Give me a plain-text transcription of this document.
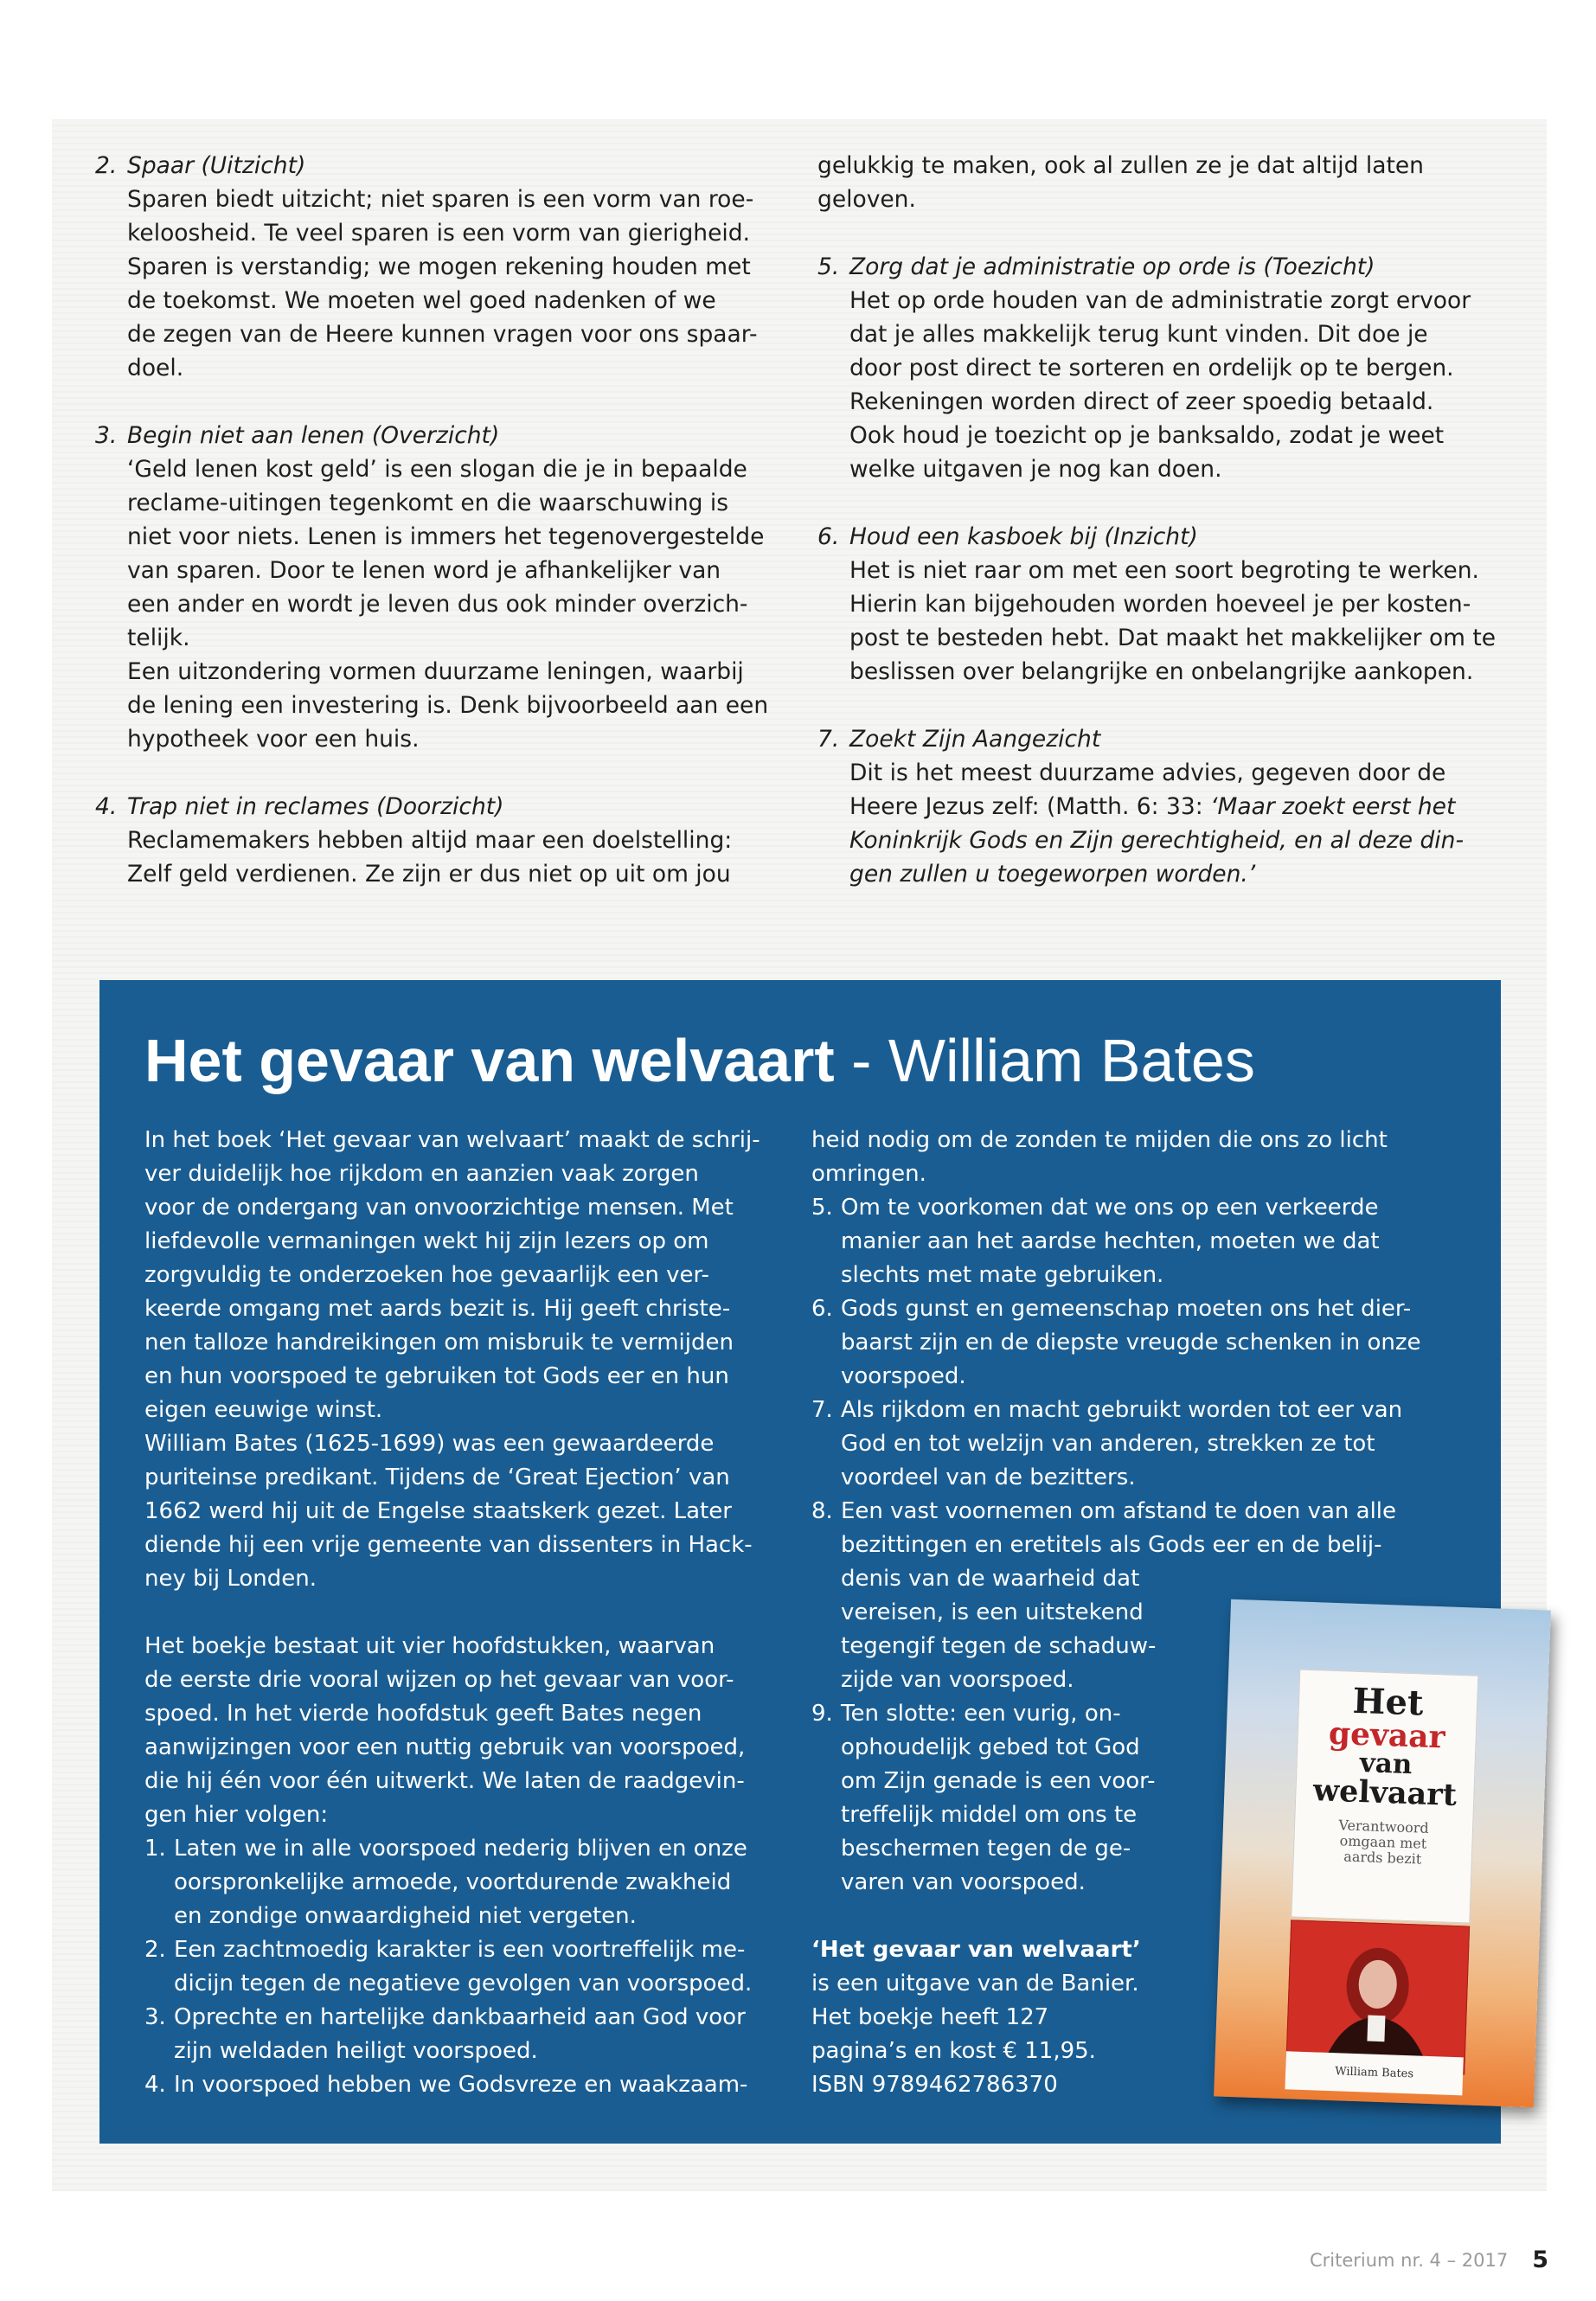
2. Spaar (Uitzicht)

Sparen biedt uitzicht; niet sparen is een vorm van roe-

keloosheid. Te veel sparen is een vorm van gierigheid.

Sparen is verstandig; we mogen rekening houden met

de toekomst. We moeten wel goed nadenken of we

de zegen van de Heere kunnen vragen voor ons spaar-

doel.

3. Begin niet aan lenen (Overzicht)

‘Geld lenen kost geld’ is een slogan die je in bepaalde

reclame-uitingen tegenkomt en die waarschuwing is

niet voor niets. Lenen is immers het tegenovergestelde

van sparen. Door te lenen word je afhankelijker van

een ander en wordt je leven dus ook minder overzich-

telijk.

Een uitzondering vormen duurzame leningen, waarbij

de lening een investering is. Denk bijvoorbeeld aan een

hypotheek voor een huis.

4. Trap niet in reclames (Doorzicht)

Reclamemakers hebben altijd maar een doelstelling:

Zelf geld verdienen. Ze zijn er dus niet op uit om jou

gelukkig te maken, ook al zullen ze je dat altijd laten

geloven.

5. Zorg dat je administratie op orde is (Toezicht)

Het op orde houden van de administratie zorgt ervoor

dat je alles makkelijk terug kunt vinden. Dit doe je

door post direct te sorteren en ordelijk op te bergen.

Rekeningen worden direct of zeer spoedig betaald.

Ook houd je toezicht op je banksaldo, zodat je weet

welke uitgaven je nog kan doen.

6. Houd een kasboek bij (Inzicht)

Het is niet raar om met een soort begroting te werken.

Hierin kan bijgehouden worden hoeveel je per kosten-

post te besteden hebt. Dat maakt het makkelijker om te

beslissen over belangrijke en onbelangrijke aankopen.

7. Zoekt Zijn Aangezicht

Dit is het meest duurzame advies, gegeven door de

Heere Jezus zelf: (Matth. 6: 33: ‘Maar zoekt eerst het

Koninkrijk Gods en Zijn gerechtigheid, en al deze din-

gen zullen u toegeworpen worden.’

Het gevaar van welvaart - William Bates

In het boek ‘Het gevaar van welvaart’ maakt de schrij-

ver duidelijk hoe rijkdom en aanzien vaak zorgen

voor de ondergang van onvoorzichtige mensen. Met

liefdevolle vermaningen wekt hij zijn lezers op om

zorgvuldig te onderzoeken hoe gevaarlijk een ver-

keerde omgang met aards bezit is. Hij geeft christe-

nen talloze handreikingen om misbruik te vermijden

en hun voorspoed te gebruiken tot Gods eer en hun

eigen eeuwige winst.

William Bates (1625-1699) was een gewaardeerde

puriteinse predikant. Tijdens de ‘Great Ejection’ van

1662 werd hij uit de Engelse staatskerk gezet. Later

diende hij een vrije gemeente van dissenters in Hack-

ney bij Londen.

Het boekje bestaat uit vier hoofdstukken, waarvan

de eerste drie vooral wijzen op het gevaar van voor-

spoed. In het vierde hoofdstuk geeft Bates negen

aanwijzingen voor een nuttig gebruik van voorspoed,

die hij één voor één uitwerkt. We laten de raadgevin-

gen hier volgen:

1. Laten we in alle voorspoed nederig blijven en onze

oorspronkelijke armoede, voortdurende zwakheid

en zondige onwaardigheid niet vergeten.

2. Een zachtmoedig karakter is een voortreffelijk me-

dicijn tegen de negatieve gevolgen van voorspoed.

3. Oprechte en hartelijke dankbaarheid aan God voor

zijn weldaden heiligt voorspoed.

4. In voorspoed hebben we Godsvreze en waakzaam-

heid nodig om de zonden te mijden die ons zo licht

omringen.

5. Om te voorkomen dat we ons op een verkeerde

manier aan het aardse hechten, moeten we dat

slechts met mate gebruiken.

6. Gods gunst en gemeenschap moeten ons het dier-

baarst zijn en de diepste vreugde schenken in onze

voorspoed.

7. Als rijkdom en macht gebruikt worden tot eer van

God en tot welzijn van anderen, strekken ze tot

voordeel van de bezitters.

8. Een vast voornemen om afstand te doen van alle

bezittingen en eretitels als Gods eer en de belij-

denis van de waarheid dat

vereisen, is een uitstekend

tegengif tegen de schaduw-

zijde van voorspoed.

9. Ten slotte: een vurig, on-

ophoudelijk gebed tot God

om Zijn genade is een voor-

treffelijk middel om ons te

beschermen tegen de ge-

varen van voorspoed.

‘Het gevaar van welvaart’
is een uitgave van de Banier.
Het boekje heeft 127
pagina’s en kost € 11,95.
ISBN 9789462786370
Het
gevaar
van
welvaart
Verantwoord
omgaan met
aards bezit
William Bates
Criterium nr. 4 – 2017 5
